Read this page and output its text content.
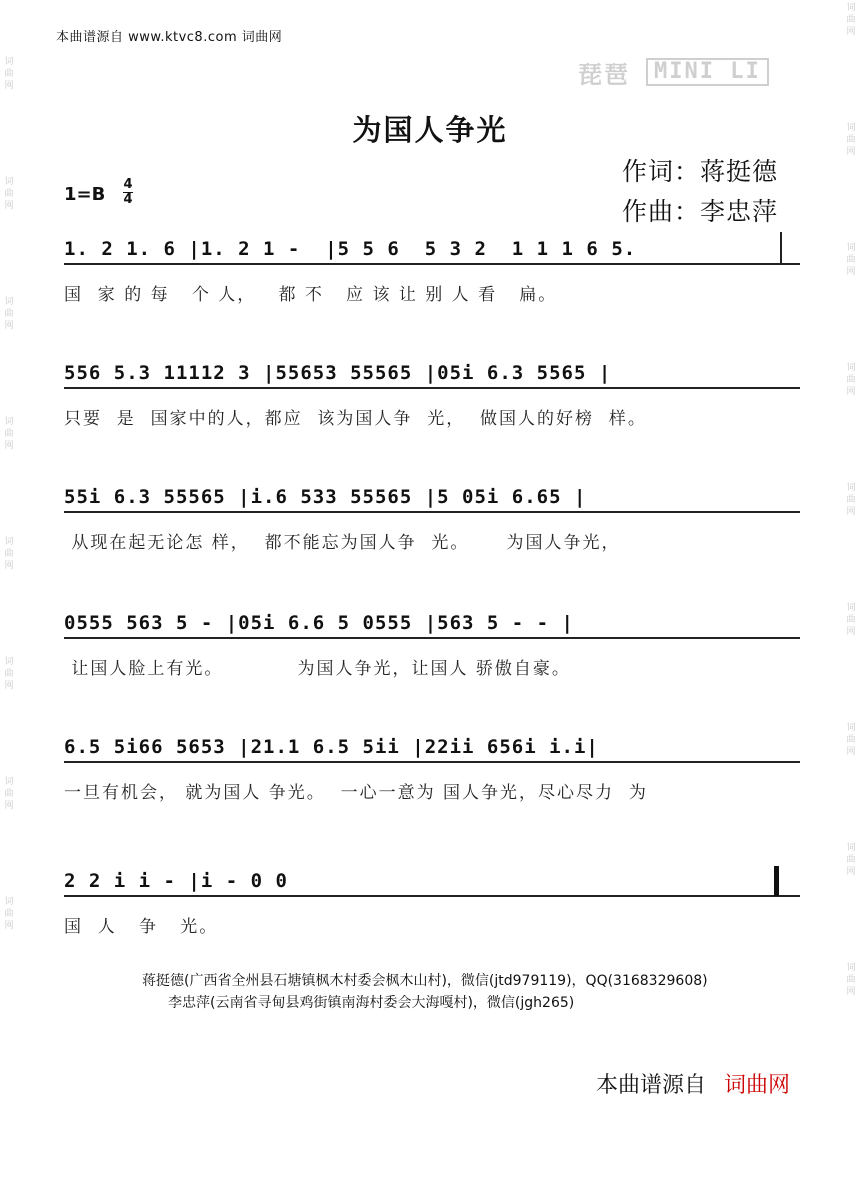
词
曲
网
词
曲
网
词
曲
网
词
曲
网
词
曲
网
词
曲
网
词
曲
网
词
曲
网
词
曲
网
词
曲
网
词
曲
网
词
曲
网
词
曲
网
词
曲
网
词
曲
网
词
曲
网
词
曲
网
本曲谱源自 www.ktvc8.com 词曲网
琵琶	MINI LI
为国人争光
作词：蒋挺德
作曲：李忠萍
1=B 4
4
1. 2 1. 6 |1. 2 1 -  |5 5 6  5 3 2  1 1 1 6 5.
国  家 的 每   个 人，   都 不   应 该 让 别 人 看   扁。
556 5.3 11112 3 |55653 55565 |05i 6.3 5565 |
只要  是  国家中的人，都应  该为国人争  光，  做国人的好榜  样。
55i 6.3 55565 |i.6 533 55565 |5 05i 6.65 |
从现在起无论怎 样，  都不能忘为国人争  光。     为国人争光，
0555 563 5 - |05i 6.6 5 0555 |563 5 - - |
让国人脸上有光。          为国人争光，让国人 骄傲自豪。
6.5 5i66 5653 |21.1 6.5 5ii |22ii 656i i.i|
一旦有机会， 就为国人 争光。  一心一意为 国人争光，尽心尽力  为
2 2 i i - |i - 0 0
国  人   争   光。
蒋挺德(广西省全州县石塘镇枫木村委会枫木山村)，微信(jtd979119)，QQ(3168329608)
李忠萍(云南省寻甸县鸡街镇南海村委会大海嘎村)，微信(jgh265)
本曲谱源自 词曲网
